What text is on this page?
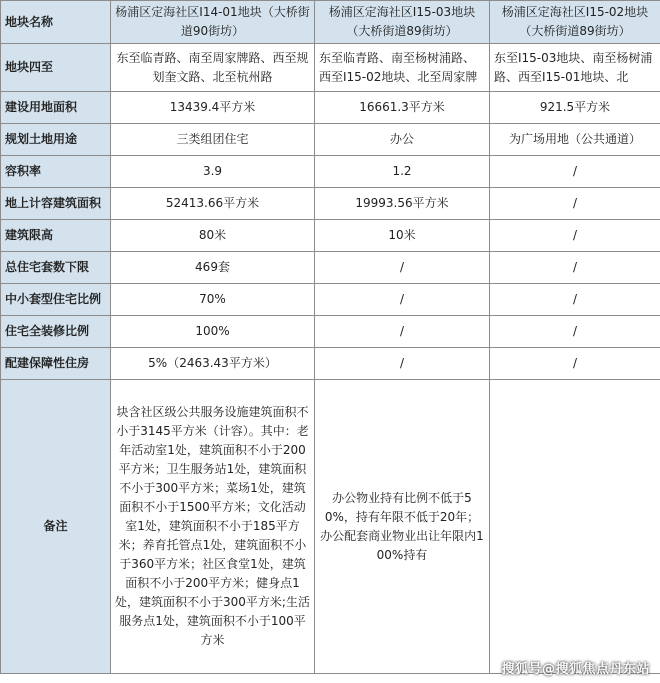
地块名称	杨浦区定海社区I14-01地块（大桥街道90街坊）	杨浦区定海社区I15-03地块（大桥街道89街坊）	杨浦区定海社区I15-02地块（大桥街道89街坊）
地块四至	东至临青路、南至周家牌路、西至规划奎文路、北至杭州路	东至临青路、南至杨树浦路、西至I15-02地块、北至周家牌	东至I15-03地块、南至杨树浦路、西至I15-01地块、北
建设用地面积	13439.4平方米	16661.3平方米	921.5平方米
规划土地用途	三类组团住宅	办公	为广场用地（公共通道）
容积率	3.9	1.2	/
地上计容建筑面积	52413.66平方米	19993.56平方米	/
建筑限高	80米	10米	/
总住宅套数下限	469套	/	/
中小套型住宅比例	70%	/	/
住宅全装修比例	100%	/	/
配建保障性住房	5%（2463.43平方米）	/	/
备注	块含社区级公共服务设施建筑面积不小于3145平方米（计容）。其中：老年活动室1处，建筑面积不小于200平方米；卫生服务站1处，建筑面积不小于300平方米；菜场1处，建筑面积不小于1500平方米；文化活动室1处，建筑面积不小于185平方米；养育托管点1处，建筑面积不小于360平方米；社区食堂1处，建筑面积不小于200平方米；健身点1处，建筑面积不小于300平方米;生活服务点1处，建筑面积不小于100平方米	办公物业持有比例不低于50%，持有年限不低于20年；办公配套商业物业出让年限内100%持有	
搜狐号@搜狐焦点丹东站
